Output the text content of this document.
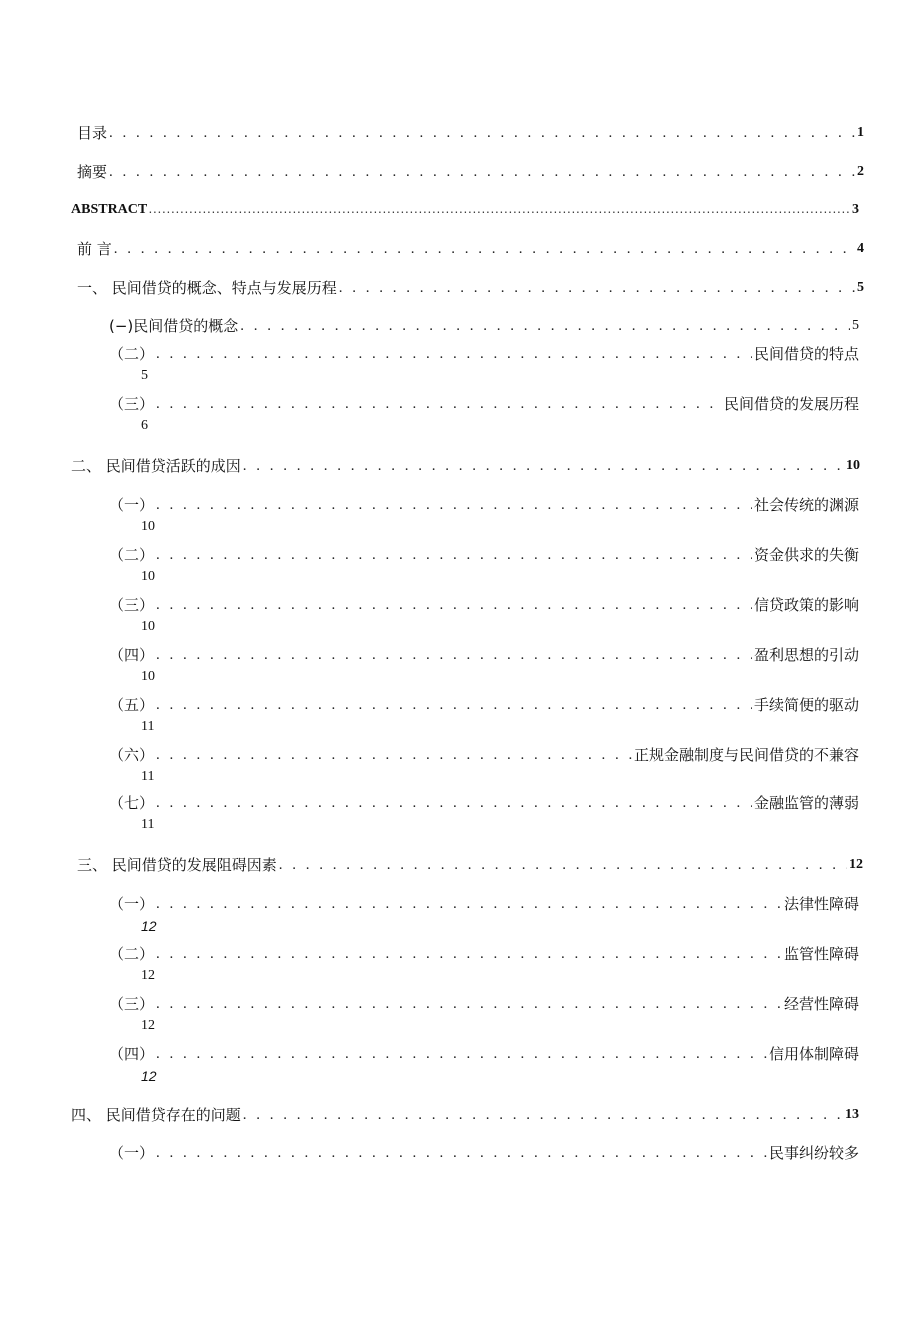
目录 . . .	1
摘要 . . .	2
ABSTRACT . . .	3
前 言 . . .	4
一、 民间借贷的概念、特点与发展历程 . . .	5
(−) 民间借贷的概念 . . .	5
（二） . . .	民间借贷的特点
5
（三） . . .	民间借贷的发展历程
6
二、 民间借贷活跃的成因 . . .	10
（一） . . .	社会传统的渊源
10
（二） . . .	资金供求的失衡
10
（三） . . .	信贷政策的影响
10
（四） . . .	盈利思想的引动
10
（五） . . .	手续简便的驱动
11
（六） . . .	正规金融制度与民间借贷的不兼容
11
（七） . . .	金融监管的薄弱
11
三、 民间借贷的发展阻碍因素 . . .	12
（一） . . .	法律性障碍
12
（二） . . .	监管性障碍
12
（三） . . .	经营性障碍
12
（四） . . .	信用体制障碍
12
四、 民间借贷存在的问题 . . .	13
（一） . . .	民事纠纷较多
